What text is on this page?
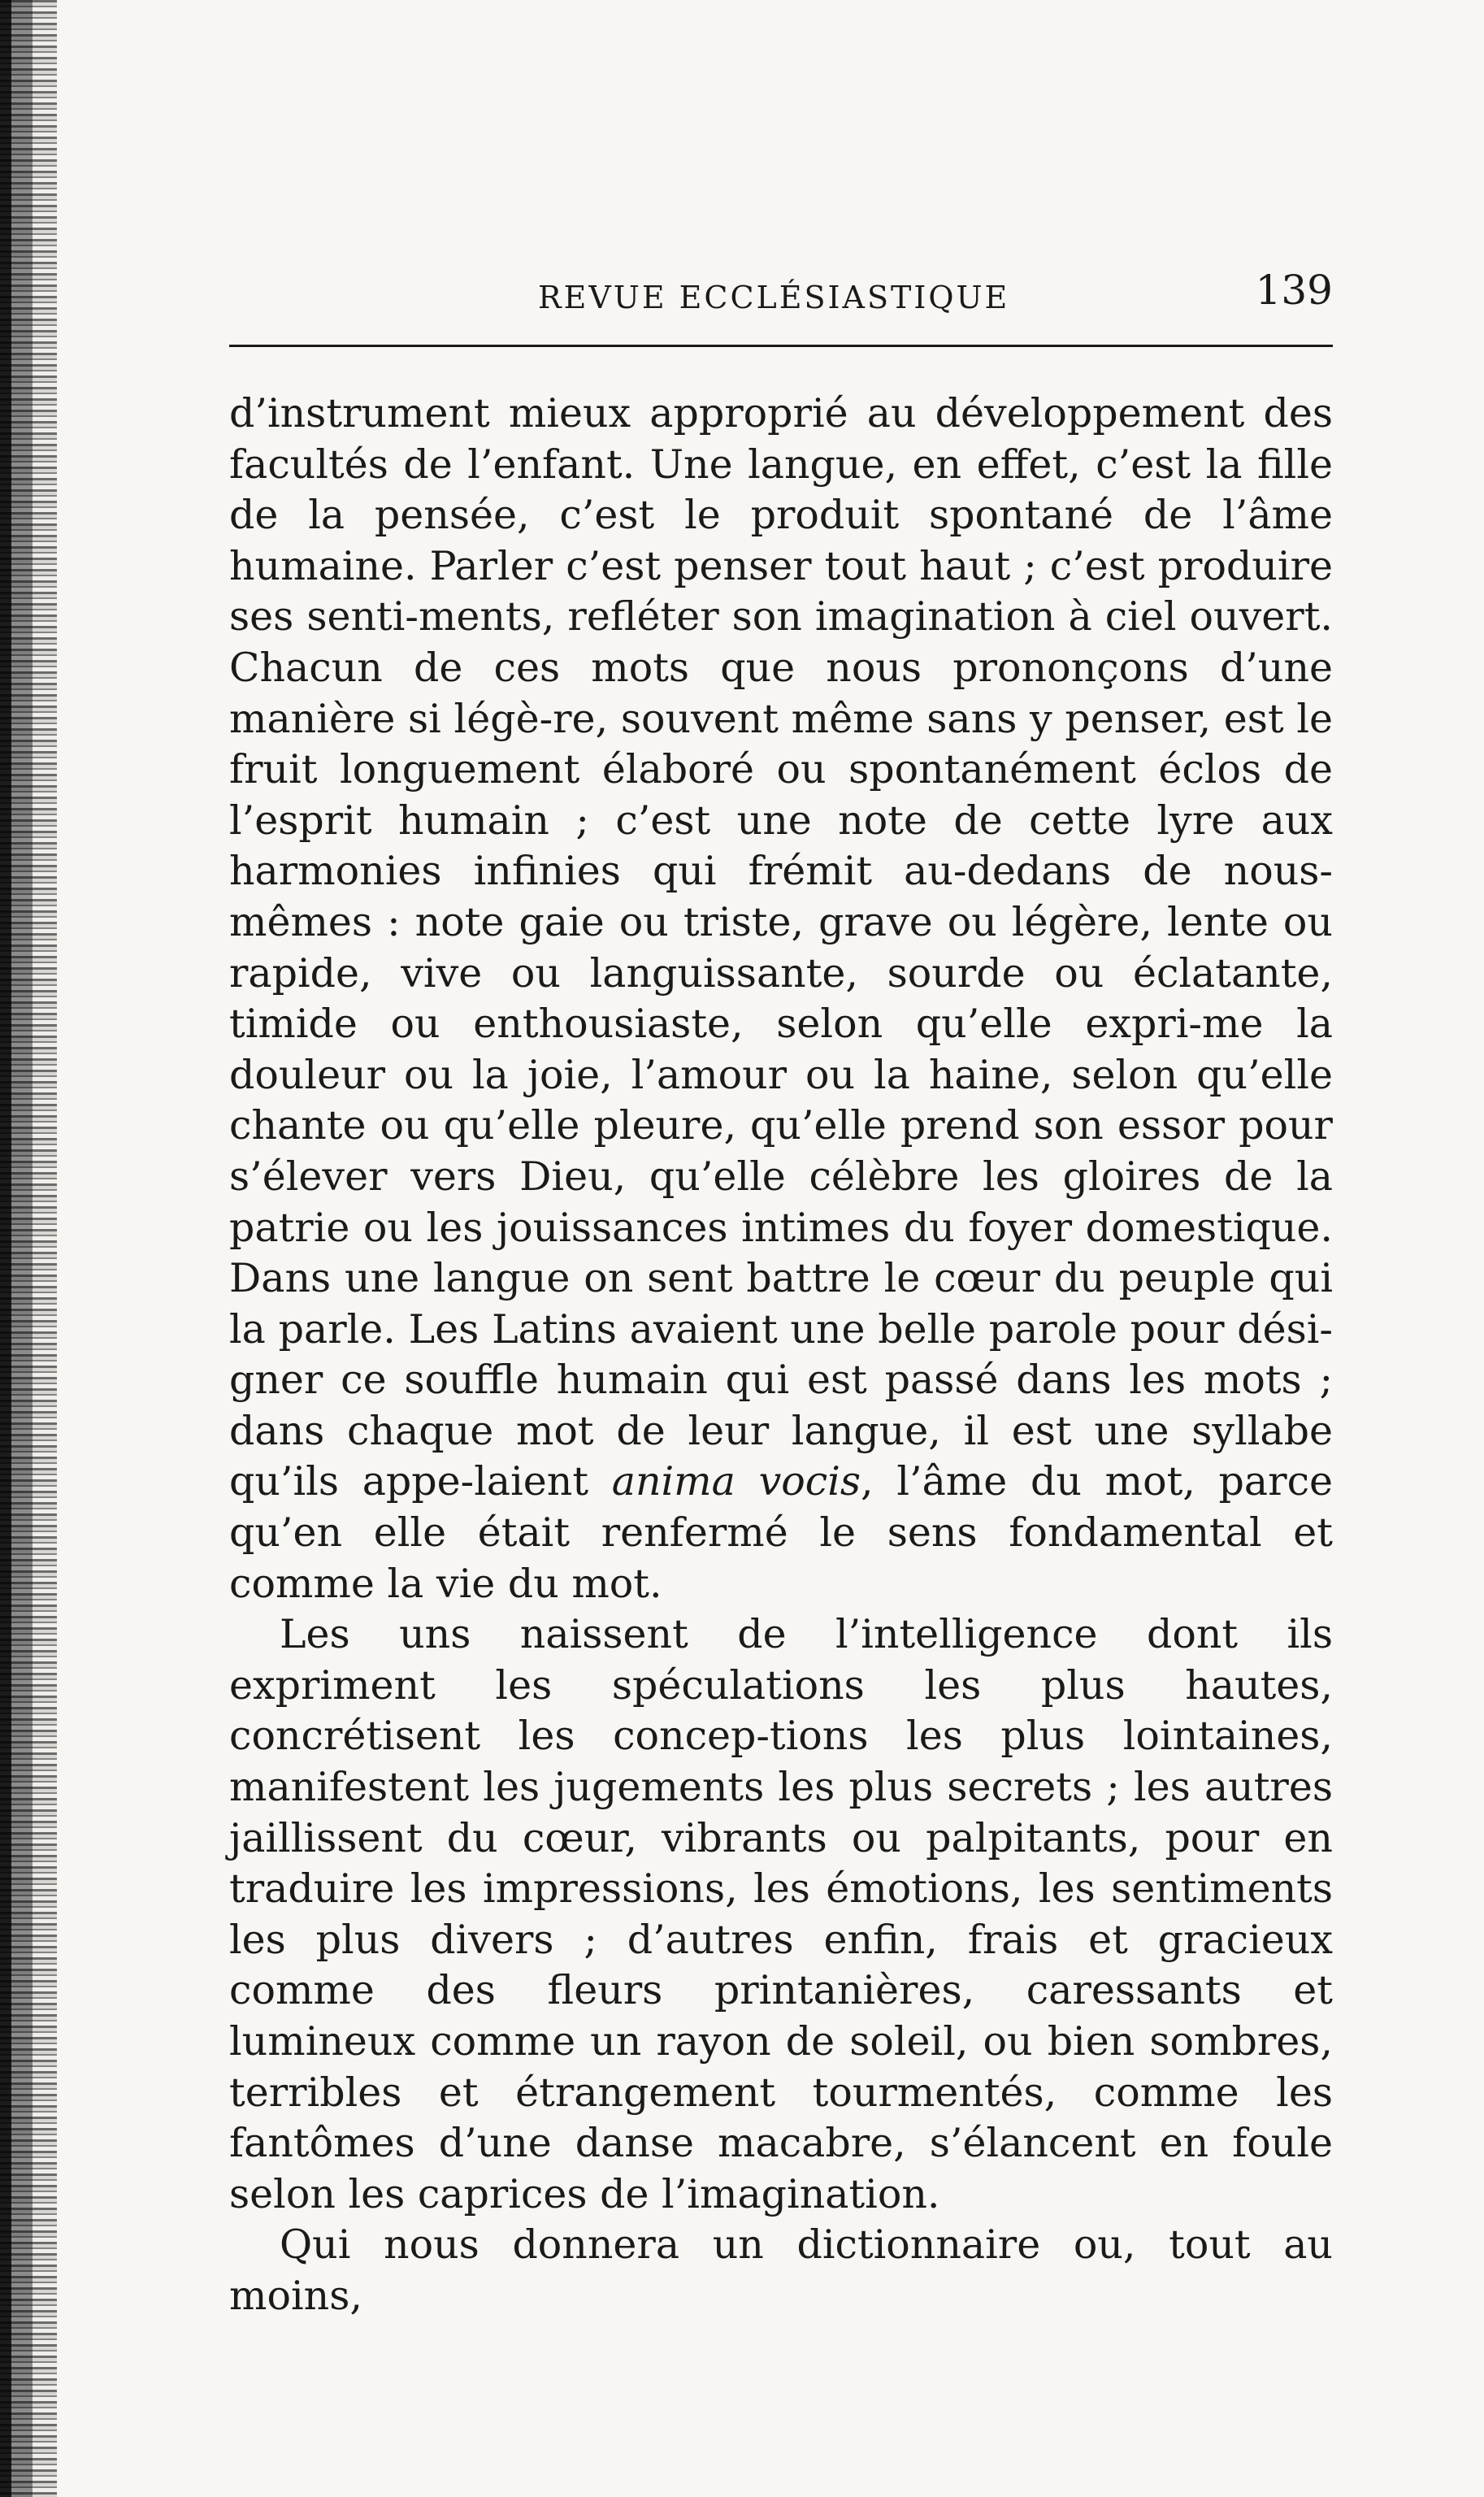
REVUE ECCLÉSIASTIQUE	139

d’instrument mieux approprié au développement des facultés de l’enfant. Une langue, en effet, c’est la fille de la pensée, c’est le produit spontané de l’âme humaine. Parler c’est penser tout haut ; c’est produire ses senti-ments, refléter son imagination à ciel ouvert. Chacun de ces mots que nous prononçons d’une manière si légè-re, souvent même sans y penser, est le fruit longuement élaboré ou spontanément éclos de l’esprit humain ; c’est une note de cette lyre aux harmonies infinies qui frémit au-dedans de nous-mêmes : note gaie ou triste, grave ou légère, lente ou rapide, vive ou languissante, sourde ou éclatante, timide ou enthousiaste, selon qu’elle expri-me la douleur ou la joie, l’amour ou la haine, selon qu’elle chante ou qu’elle pleure, qu’elle prend son essor pour s’élever vers Dieu, qu’elle célèbre les gloires de la patrie ou les jouissances intimes du foyer domestique. Dans une langue on sent battre le cœur du peuple qui la parle. Les Latins avaient une belle parole pour dési-gner ce souffle humain qui est passé dans les mots ; dans chaque mot de leur langue, il est une syllabe qu’ils appe-laient anima vocis, l’âme du mot, parce qu’en elle était renfermé le sens fondamental et comme la vie du mot.

Les uns naissent de l’intelligence dont ils expriment les spéculations les plus hautes, concrétisent les concep-tions les plus lointaines, manifestent les jugements les plus secrets ; les autres jaillissent du cœur, vibrants ou palpitants, pour en traduire les impressions, les émotions, les sentiments les plus divers ; d’autres enfin, frais et gracieux comme des fleurs printanières, caressants et lumineux comme un rayon de soleil, ou bien sombres, terribles et étrangement tourmentés, comme les fantômes d’une danse macabre, s’élancent en foule selon les caprices de l’imagination.

Qui nous donnera un dictionnaire ou, tout au moins,
